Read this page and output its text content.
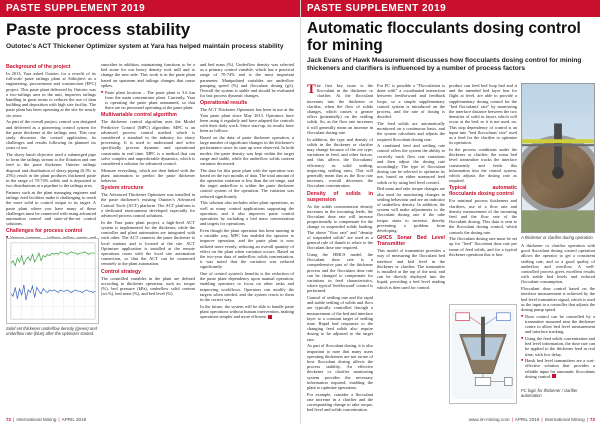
PASTE SUPPLEMENT 2019
Paste process stability
Outotec's ACT Thickener Optimizer system at Yara has helped maintain process stability
Background of the project

In 2013, Yara asked Outotec for a retrofit of its full-scale paste tailings plant at Siilinjärvi as a engineering, procurement and construction (EPC) project. This paste plant delivered by Outotec was a two-tailings area in the unit, improves tailings handling in great terms to reduces the use of dam building and deposition with high size facility. The paste plant has been operating at the site for nearly six years.

As part of the overall project, control was designed and delivered as a pioneering control system for the paste thickener at the tailings area. This case study discusses the control application, its challenges and results following its planned six years of use.

The slurry batch objective used a submerged pipe to form the tailings stream to the flotation and one feed to the paste thickener. Outotec tailings disposal and distribution of slurry piping (0.5% to 25%) result in the plant produces thickened paste in the range of 70-74% solids and is deposited to two distributions at a pipeline to the tailings area.

Partners such as the plant managing engineer and tailings feed facilities make it challenging to reach the more solid to control output to its target. A paste plant where you have many of these challenges must be connected with using advanced automation control and state-of-the-art control solutions.

Challenges for process control
■
■
■

smoother in addition, maintaining functions to be a bed stone for our heavy density rock mill and to change the new side. This work is in the paste plant based on upstream and tailings changes that cause spikes.

■ Paste plant location – The paste plant is 3.6 km from the main concentrator plant. Currently, Yara is operating the paste plant unmanned, so that there are no personnel operating at the paste plant.
Multivariable control algorithm

The thickener control algorithm uses the Model Predictive Control (MPC) algorithm. MPC is an advanced process control method which is considered a standard in the industry for slurry processing. It is used to understand and solve specifically process dynamic and operational constraints in real time. MPC is a method that can solve complex and unpredictable dynamics, which is considered a solution for advanced control.

Measure everything, which are then linked with the plant automation to predict the paste thickener behavior.

System structure

The Advanced Thickener Optimizer was installed in the paste thickener's existing Outotec's Advanced Control Tools (ACT) platform. The ACT platform is a dedicated environment developed especially for advanced process control solutions.

In the Yara paste plant project, a high-level ACT system is implemented for the thickener, while the controller and plant automation are integrated with each other. The ACT connects the paste thickener to local stations and is located at the site. ACT Optimizer application is installed at the remote operations room with the local site automation connection, so that the ACT can be connected remotely to the plant automation.

Control strategy

The controlled variables in the plant are defined according to thickener operation, such as: torque (%), bed pressure (kPa), underflow solid content (wt.%), bed mass (%), and bed level (%).

Solid set thickener underflow density (green) and underflow rate (blue) after the optimizer started.

and bed mass (%). Underflow density was selected as a primary control variable, which has a practical range of 70-74% and is the most important parameter. Manipulated variables are underflow pumping speed (%) and flocculant dosing (g/t). Overall the system is stable and should be evaluated for fast process dynamic changes.

Operational results

The ACT Thickener Optimizer has been in use at the Yara paste plant since May 2013. Operators have been using it regularly and have adapted the controls with their daily work. Since start-up, its results have been as follows:

Based on the data of paste thickener operation, a large number of significant changes in the thickener's performance since its start up were observed. In both modes, the paste density was kept within the target range and stable, while the underflow solids content variation decreased.

The data for this paste plant with the operation was based on the two months of data. The total amount of the operation variation is less than the set range, and the target underflow is within the paste thickener control system of the operation. The variation was reduced significantly.

This solution also includes other plant operations, as well as many control applications supporting the operation, and it also improves paste control operations by including a bed mass concentration and targets for operations.

Even though the plant operation has been running in a variable way, MPC has enabled the operator to improve operation, and the paste plant is now utilized more evenly, reducing an overall quantity of effect on the plant when variation occurs. Based on the two-year data of underflow solids concentration, it was noted that the variation was reduced significantly.

One of control system's benefits is the reduction of the paste plant dependency upon manual operation, enabling operators to focus on other tasks and improving workflows. Operators can modify the targets when needed, and the system reacts to them in the correct way.

In the future, the system will be able to handle paste plant operations without human intervention, making operations simpler and more efficient.

72 | International Mining | APRIL 2019
PASTE SUPPLEMENT 2019
Automatic flocculants dosing control for mining
Jack Evans of Hawk Measurement discusses how flocculants dosing control for mining thickeners and clarifiers is influenced by a number of process factors

The first key issue is the flocculant in the thickener or clarifier. At the flocculant increases into the thickener or clarifier, when the flow of solids changes, which causes a greater effect (potentially) on the settling solids. So, as the flow rate increases it will generally mean an increase in flocculant dosing rate.

In addition, the type and density of solids in the thickener or clarifier may change because of the ore type, variations in feed, and other factors, and this affects the flocculants' efficiency in solid settling, improving settling rates. This will generally mean that as the flow rate increases, overall decreases the flocculant concentration.

Density of solids in suspension

As the solids concentration density increases in the incoming feeds, the flocculant dose rate will increase proportionally to compensate for the change in suspended solids loading. The above "flow rate" and "density of suspended solids" are used as a general rule of thumb to relate to the flocculant dose rate required.

Using the HMCS model, the flocculant dose rate is a comprehensive part of the thickener process and the flocculant dose rate can be changed to compensate for variations in feed characteristics, where typical 'feedforward' control is performed.

Control of settling rate and the rapid and stable settling of solids and flocs are typically controlled through a measurement of the bed and interface layer to a constant target of settling time. Rapid bed responses to the changing feed solids also require dosing to be adjusted to the target rate.

As part of flocculant dosing, it is also important to note that many users operating thickeners are not aware of how flocculant dosing affects the process stability. An effective thickener or clarifier monitoring system provides the necessary information required, enabling the plant to optimize operations.

For example, consider a flocculant rate increase in a clarifier and the corresponding change to rake torque, bed level and solids concentration.

For FC is possible a "Flocculation is done with" a coordinated interaction between feedforward and feedback loops, so a simple supplementary control system is introduced on the process, and the rate of dosing is decided.

The feed solids are automatically monitored on a continuous basis, and the system calculates and adjusts the required flocculant dosing rate.

A combined feed and settling rate control offers the system the ability to correctly track flow rate variations and then adjust the dosing rate accordingly. The type of flocculant dosing can be selected to optimize its use, based on either measured feed solids or by using bed level control.

Bed mass and rake torque changes are also used for monitoring changes in settling behaviour and are an indicator of underflow density. In addition, the system will make adjustments to the flocculant dosing rate if the rake torque starts to increase, thereby preventing a problem from developing.

GHCS Sonar Bed Level Transmitter

This model of transmitter provides a way of measuring the flocculant bed interface and bed level in the thickener or clarifier. The transmitter is installed at the top of the unit, and can be directly deployed into the liquid, providing a bed level reading which is then used for control.

product can feed bed loop bed and it and the intended bed layer line for flight at level, are able to provide a supplementary dosing control for the "bed flocculants' rate" by monitoring the interface distance between the two densities of solid in layers which will occur at the bed; so it is not used, no. This stop dependency of control is an input into "bed flocculants' rate" used as a feed for the clarifier to optimize its operation.

In the process conditions under the thickener or clarifier, the sonar bed level transmitter tracks the interface consistently and feeds this information into the control system, which adjusts the dosing rate as required.

Typical automatic flocculants dosing control

For minimal process thickeners and clarifiers, use of a flow rate and density measurement of the incoming feed and the flow rate of the flocculant dosing. This data is sent to the flocculant dosing control, which controls the dosing rate.

The flocculant dosing rate must be set up for "feed" flocculant dose rate per tonne of feed solids, and for a typical thickener operation this is fine.

A thickener or clarifier during operation

A thickener or clarifier operation with good flocculant dosing control operation allows the operator to get a consistent settling rate, and so a good quality of underflow and overflow. A well-controlled process gives excellent results with stable bed levels and reduced flocculant consumption.

Flocculant dose control based on the interface measurement is achieved by the bed level transmitter signal, which is used as the input to a controller that adjusts the dosing pump speed.

■ Dose control can be controlled by a transmitter mounted near the thickener centre to allow bed level measurement and interface tracking.
■ Using the feed solids concentration and bed level information, the dose rate can be applied to the thickener feed in real time, with low delay.
■ Hawk bed level transmitters are a cost-effective solution that provides a reliable input for automatic flocculants dosing control.
FC logic for thickener / clarifier automation
www.im-mining.com | APRIL 2019 | International Mining | 73
